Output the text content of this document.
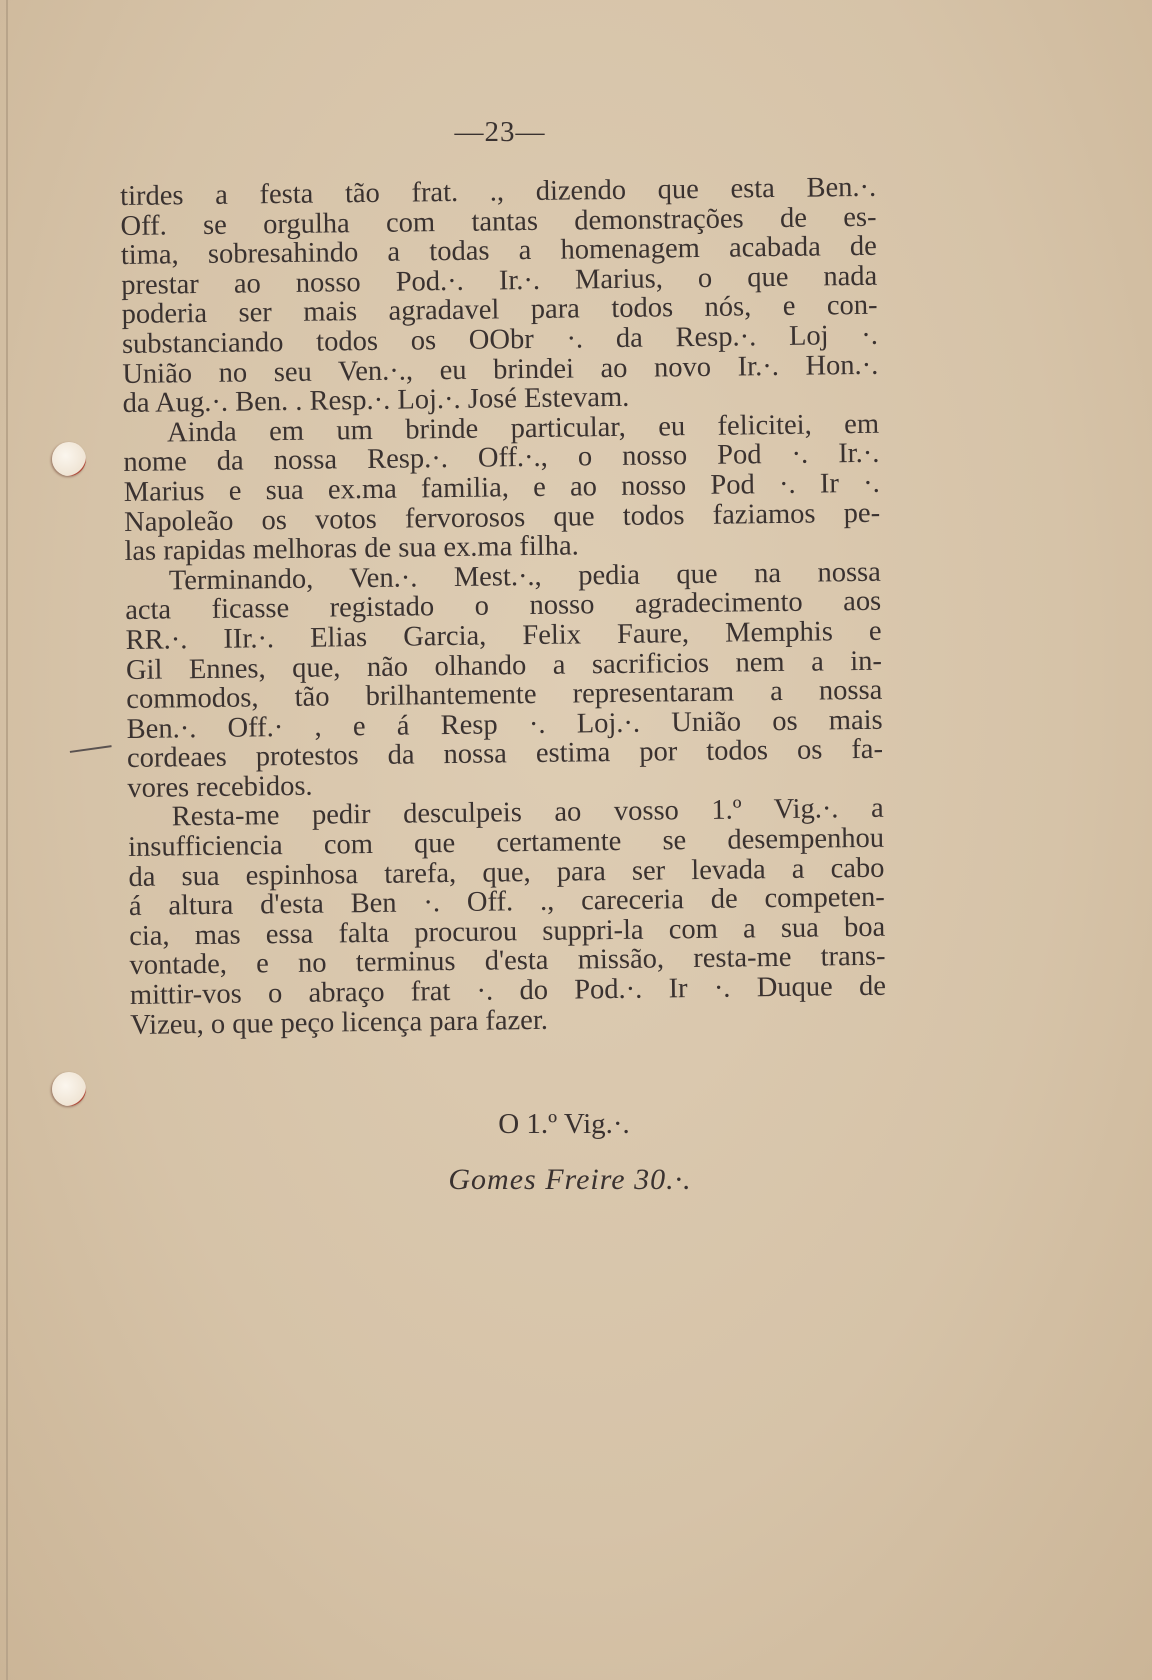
—23—
tirdes a festa tão frat. ., dizendo que esta Ben.·.
Off. se orgulha com tantas demonstrações de es-
tima, sobresahindo a todas a homenagem acabada de
prestar ao nosso Pod.·. Ir.·. Marius, o que nada
poderia ser mais agradavel para todos nós, e con-
substanciando todos os OObr ·. da Resp.·. Loj ·.
União no seu Ven.·., eu brindei ao novo Ir.·. Hon.·.
da Aug.·. Ben. . Resp.·. Loj.·. José Estevam.
Ainda em um brinde particular, eu felicitei, em
nome da nossa Resp.·. Off.·., o nosso Pod ·. Ir.·.
Marius e sua ex.ma familia, e ao nosso Pod ·. Ir ·.
Napoleão os votos fervorosos que todos faziamos pe-
las rapidas melhoras de sua ex.ma filha.
Terminando, Ven.·. Mest.·., pedia que na nossa
acta ficasse registado o nosso agradecimento aos
RR.·. IIr.·. Elias Garcia, Felix Faure, Memphis e
Gil Ennes, que, não olhando a sacrificios nem a in-
commodos, tão brilhantemente representaram a nossa
Ben.·. Off.· , e á Resp ·. Loj.·. União os mais
cordeaes protestos da nossa estima por todos os fa-
vores recebidos.
Resta-me pedir desculpeis ao vosso 1.º Vig.·. a
insufficiencia com que certamente se desempenhou
da sua espinhosa tarefa, que, para ser levada a cabo
á altura d'esta Ben ·. Off. ., careceria de competen-
cia, mas essa falta procurou suppri-la com a sua boa
vontade, e no terminus d'esta missão, resta-me trans-
mittir-vos o abraço frat ·. do Pod.·. Ir ·. Duque de
Vizeu, o que peço licença para fazer.
O 1.º Vig.·.
Gomes Freire 30.·.
